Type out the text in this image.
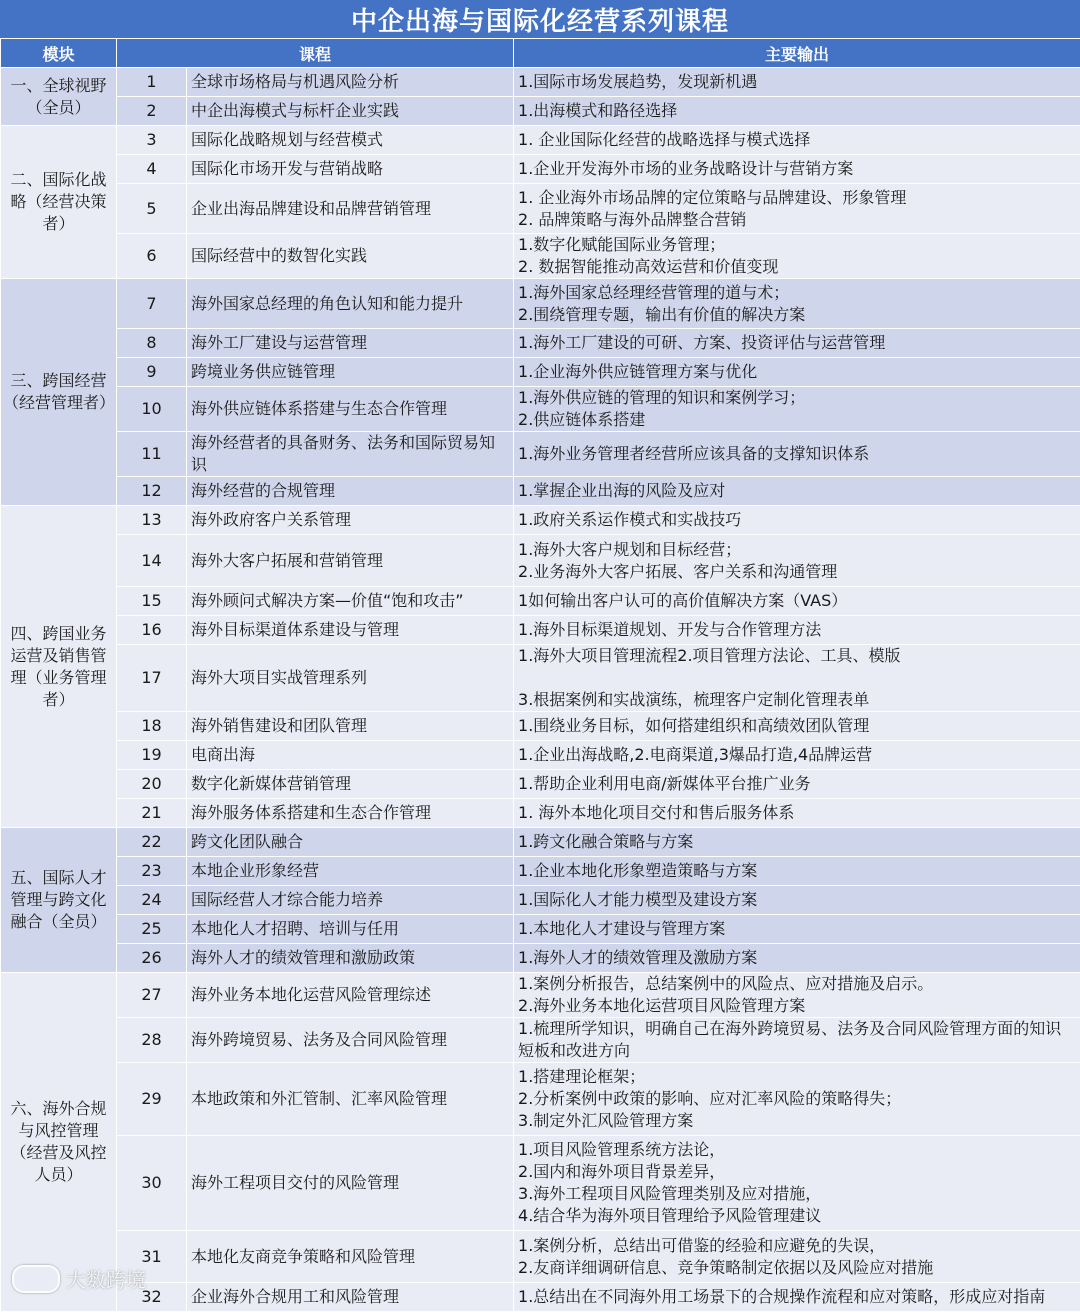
中企出海与国际化经营系列课程
模块	课程		主要输出
一、全球视野（全员）	1	全球市场格局与机遇风险分析	1.国际市场发展趋势，发现新机遇
	2	中企出海模式与标杆企业实践	1.出海模式和路径选择
二、国际化战略（经营决策者）	3	国际化战略规划与经营模式	1. 企业国际化经营的战略选择与模式选择
	4	国际化市场开发与营销战略	1.企业开发海外市场的业务战略设计与营销方案
	5	企业出海品牌建设和品牌营销管理	1. 企业海外市场品牌的定位策略与品牌建设、形象管理
2. 品牌策略与海外品牌整合营销
	6	国际经营中的数智化实践	1.数字化赋能国际业务管理；
2. 数据智能推动高效运营和价值变现
三、跨国经营（经营管理者）	7	海外国家总经理的角色认知和能力提升	1.海外国家总经理经营管理的道与术；
2.围绕管理专题，输出有价值的解决方案
	8	海外工厂建设与运营管理	1.海外工厂建设的可研、方案、投资评估与运营管理
	9	跨境业务供应链管理	1.企业海外供应链管理方案与优化
	10	海外供应链体系搭建与生态合作管理	1.海外供应链的管理的知识和案例学习；
2.供应链体系搭建
	11	海外经营者的具备财务、法务和国际贸易知识	1.海外业务管理者经营所应该具备的支撑知识体系
	12	海外经营的合规管理	1.掌握企业出海的风险及应对
四、跨国业务运营及销售管理（业务管理者）	13	海外政府客户关系管理	1.政府关系运作模式和实战技巧
	14	海外大客户拓展和营销管理	1.海外大客户规划和目标经营；
2.业务海外大客户拓展、客户关系和沟通管理
	15	海外顾问式解决方案—价值“饱和攻击”	1如何输出客户认可的高价值解决方案（VAS）
	16	海外目标渠道体系建设与管理	1.海外目标渠道规划、开发与合作管理方法
	17	海外大项目实战管理系列	1.海外大项目管理流程2.项目管理方法论、工具、模版

3.根据案例和实战演练，梳理客户定制化管理表单
	18	海外销售建设和团队管理	1.围绕业务目标，如何搭建组织和高绩效团队管理
	19	电商出海	1.企业出海战略,2.电商渠道,3爆品打造,4品牌运营
	20	数字化新媒体营销管理	1.帮助企业利用电商/新媒体平台推广业务
	21	海外服务体系搭建和生态合作管理	1. 海外本地化项目交付和售后服务体系
五、国际人才管理与跨文化融合（全员）	22	跨文化团队融合	1.跨文化融合策略与方案
	23	本地企业形象经营	1.企业本地化形象塑造策略与方案
	24	国际经营人才综合能力培养	1.国际化人才能力模型及建设方案
	25	本地化人才招聘、培训与任用	1.本地化人才建设与管理方案
	26	海外人才的绩效管理和激励政策	1.海外人才的绩效管理及激励方案
六、海外合规与风控管理（经营及风控人员）	27	海外业务本地化运营风险管理综述	1.案例分析报告，总结案例中的风险点、应对措施及启示。
2.海外业务本地化运营项目风险管理方案
	28	海外跨境贸易、法务及合同风险管理	1.梳理所学知识，明确自己在海外跨境贸易、法务及合同风险管理方面的知识短板和改进方向
	29	本地政策和外汇管制、汇率风险管理	1.搭建理论框架；
2.分析案例中政策的影响、应对汇率风险的策略得失；
3.制定外汇风险管理方案
	30	海外工程项目交付的风险管理	1.项目风险管理系统方法论，
2.国内和海外项目背景差异，
3.海外工程项目风险管理类别及应对措施，
4.结合华为海外项目管理给予风险管理建议
	31	本地化友商竞争策略和风险管理	1.案例分析，总结出可借鉴的经验和应避免的失误，
2.友商详细调研信息、竞争策略制定依据以及风险应对措施
	32	企业海外合规用工和风险管理	1.总结出在不同海外用工场景下的合规操作流程和应对策略，形成应对指南
大数跨境
